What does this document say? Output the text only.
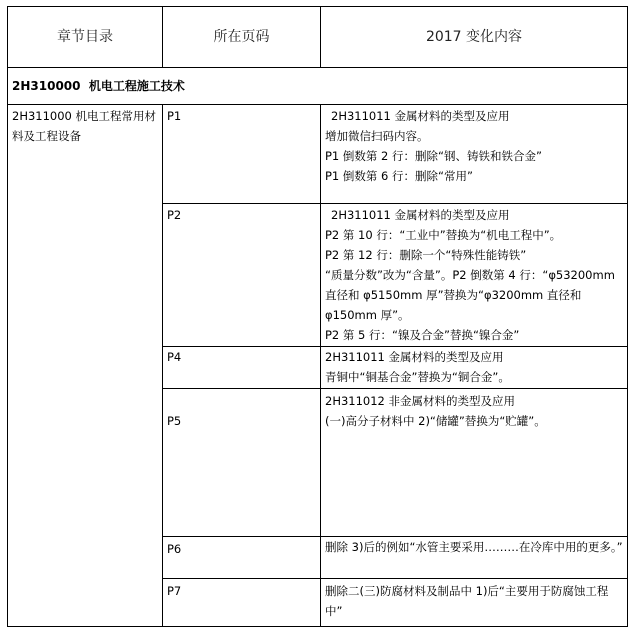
章节目录	所在页码	2017 变化内容
2H310000 机电工程施工技术		
2H311000 机电工程常用材料及工程设备	P1	2H311011 金属材料的类型及应用
增加微信扫码内容。
P1 倒数第 2 行：删除“钢、铸铁和铁合金”
P1 倒数第 6 行：删除“常用”

	P2	2H311011 金属材料的类型及应用
P2 第 10 行：“工业中”替换为“机电工程中”。
P2 第 12 行：删除一个“特殊性能铸铁”
“质量分数”改为“含量”。P2 倒数第 4 行：“φ53200mm 直径和 φ5150mm 厚”替换为“φ3200mm 直径和 φ150mm 厚”。
P2 第 5 行：“镍及合金”替换“镍合金”

	P4	2H311011 金属材料的类型及应用
青铜中“铜基合金”替换为“铜合金”。

	P5	2H311012 非金属材料的类型及应用
(一)高分子材料中 2)“储罐”替换为“贮罐”。

	P6	删除 3)后的例如“水管主要采用………在冷库中用的更多。”

	P7	删除二(三)防腐材料及制品中 1)后“主要用于防腐蚀工程中”
